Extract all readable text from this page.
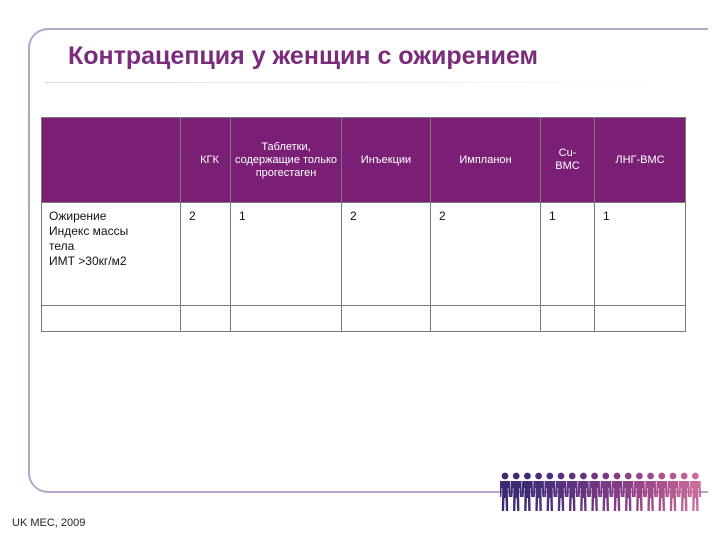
Контрацепция у женщин с ожирением
	КГК	Таблетки, содержащие только прогестаген	Инъекции	Импланон	Cu-ВМС	ЛНГ-ВМС

Ожирение
Индекс массы
тела
ИМТ >30кг/м2	2	1	2	2	1	1

UK MEC, 2009
